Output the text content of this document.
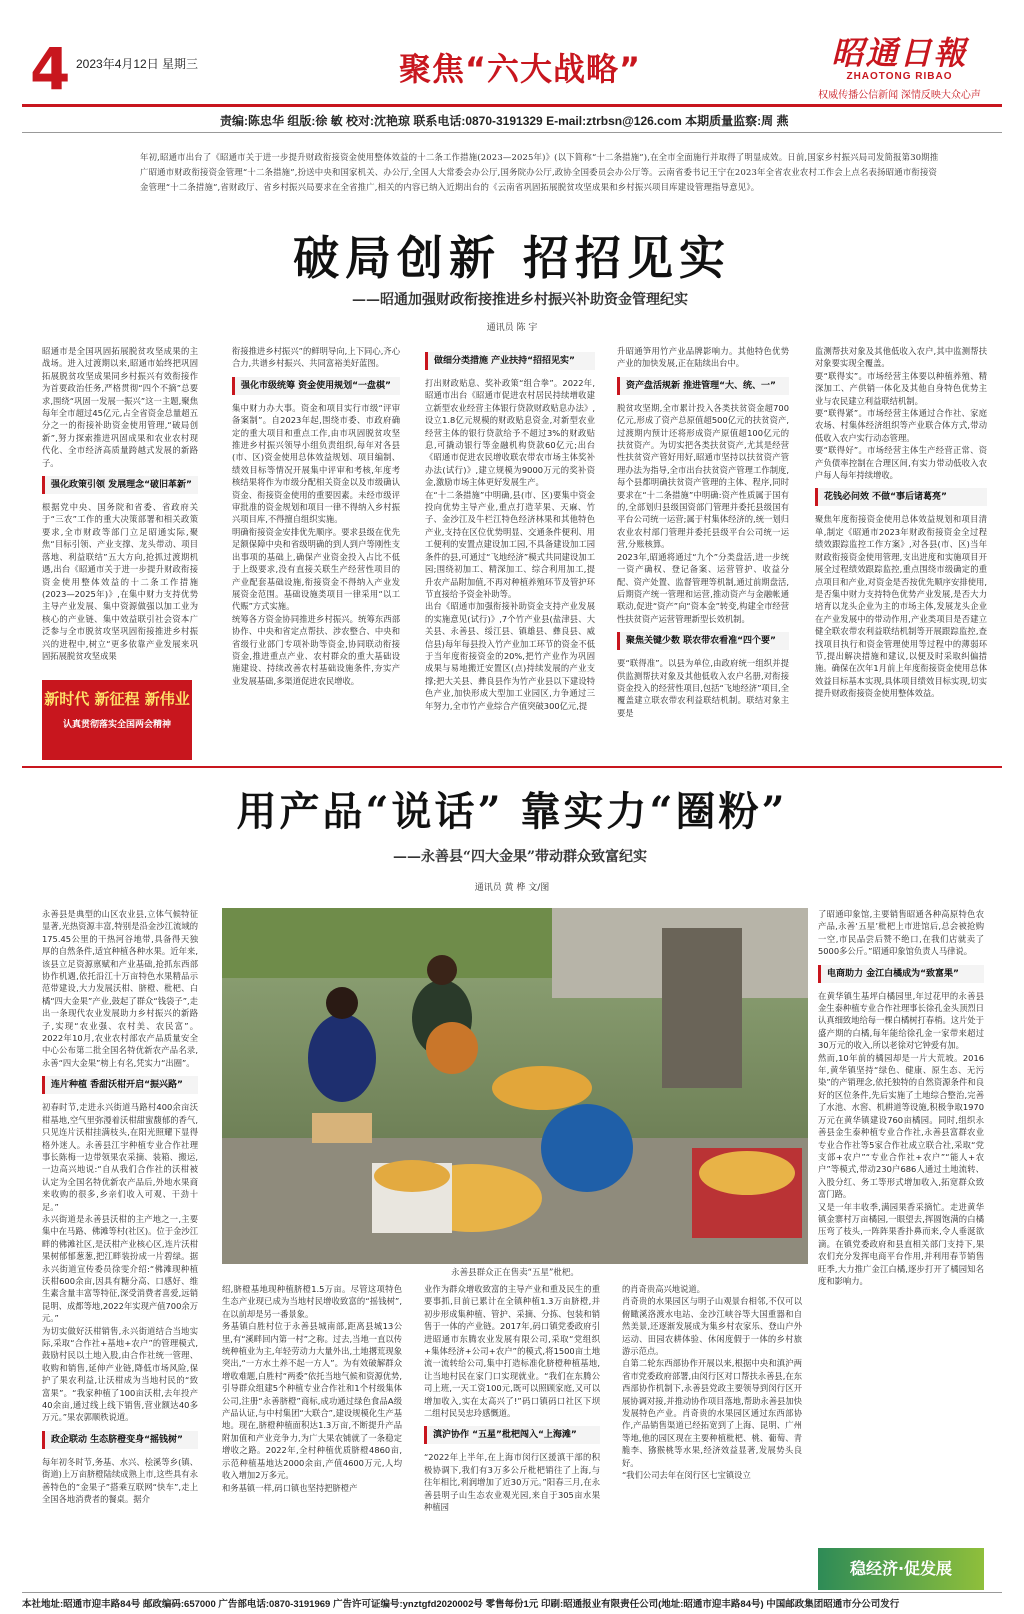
4 2023年4月12日 星期三	聚焦“六大战略”	昭通日報
ZHAOTONG RIBAO
权威传播公信新闻 深情反映大众心声
责编:陈忠华 组版:徐 敏 校对:沈艳琼 联系电话:0870-3191329 E-mail:ztrbsn@126.com 本期质量监察:周 燕
年初,昭通市出台了《昭通市关于进一步提升财政衔接资金使用整体效益的十二条工作措施(2023—2025年)》(以下简称“十二条措施”),在全市全面施行并取得了明显成效。日前,国家乡村振兴局司发简报第30期推广昭通市财政衔接资金管理“十二条措施”,扮送中央和国家机关、办公厅,全国人大常委会办公厅,国务院办公厅,政协全国委员会办公厅等。云南省委书记王宁在2023年全省农业农村工作会上点名表扬昭通市衔接资金管理“十二条措施”,省财政厅、省乡村振兴局要求在全省推广,相关的内容已纳入近期出台的《云南省巩固拓展脱贫攻坚成果和乡村振兴项目库建设管理指导意见》。
破局创新 招招见实
——昭通加强财政衔接推进乡村振兴补助资金管理纪实
通讯员 陈 宇

昭通市是全国巩固拓展脱贫攻坚成果的主战场。进入过渡期以来,昭通市始终把巩固拓展脱贫攻坚成果同乡村振兴有效衔接作为首要政治任务,严格贯彻“四个不摘”总要求,围绕“巩固一发展一振兴”这一主题,聚焦每年全市超过45亿元,占全省资金总量超五分之一的衔接补助资金使用管理,“破局创新”,努力探索推进巩固成果和农业农村现代化、全市经济高质量跨越式发展的新路子。

强化政策引领 发展理念“破旧革新”

根据党中央、国务院和省委、省政府关于“三农”工作的重大决策部署和相关政策要求,全市财政等部门立足昭通实际,聚焦“目标引领、产业支撑、龙头带动、项目落地、利益联结”五大方向,抢抓过渡期机遇,出台《昭通市关于进一步提升财政衔接资金使用整体效益的十二条工作措施(2023—2025年)》,在集中财力支持优势主导产业发展、集中资源做强以加工业为核心的产业链、集中效益联引社会资本广泛参与全市脱贫攻坚巩固衔接推进乡村振兴的进程中,树立“更多依靠产业发展来巩固拓展脱贫攻坚成果

新时代 新征程 新伟业
认真贯彻落实全国两会精神

衔接推进乡村振兴”的鲜明导向,上下同心,齐心合力,共谱乡村振兴、共同富裕美好蓝图。

强化市级统筹 资金使用规划“一盘棋”

集中财力办大事。资金和项目实行市级“评审备案制”。自2023年起,围绕市委、市政府确定的重大项目和重点工作,由市巩固脱贫攻坚推进乡村振兴领导小组负责组织,每年对各县(市、区)资金使用总体效益规划、项目编制、绩效目标等情况开展集中评审和考核,年度考核结果将作为市级分配相关资金以及市级确认资金、衔接资金使用的重要因素。未经市级评审批准的资金规划和项目一律不得纳入乡村振兴项目库,不得擅自组织实施。

明确衔接资金安排优先顺序。要求县级在优先足额保障中央和省级明确的到人到户等刚性支出事项的基础上,确保产业资金投入占比不低于上级要求,没有直接关联生产经营性项目的产业配套基础设施,衔接资金不得纳入产业发展资金范围。基础设施类项目一律采用“以工代赈”方式实施。

统筹各方资金协同推进乡村振兴。统筹东西部协作、中央和省定点帮扶、涉农整合、中央和省级行业部门专项补助等资金,协同联动衔接资金,推进重点产业、农村群众的重大基础设施建设、持续改善农村基础设施条件,夯实产业发展基础,多渠道促进农民增收。

做细分类措施 产业扶持“招招见实”

打出财政贴息、奖补政策“组合拳”。2022年,昭通市出台《昭通市促进农村居民持续增收建立新型农业经营主体银行贷款财政贴息办法》,设立1.8亿元规模的财政贴息资金,对新型农业经营主体的银行贷款给予不超过3%的财政贴息,可撬动银行等金融机构贷款60亿元;出台《昭通市促进农民增收联农带农市场主体奖补办法(试行)》,建立规模为9000万元的奖补资金,激励市场主体更好发展生产。

在“十二条措施”中明确,县(市、区)要集中资金投向优势主导产业,重点打造苹果、天麻、竹子、金沙江及牛栏江特色经济林果和其他特色产业,支持在区位优势明显、交通条件便利、用工便利的安置点建设加工园,不具备建设加工园条件的县,可通过“飞地经济”模式共同建设加工园;围绕初加工、精深加工、综合利用加工,提升农产品附加值,不再对种植养殖环节及管护环节直接给予资金补助等。

出台《昭通市加强衔接补助资金支持产业发展的实施意见(试行)》,7个竹产业县(盐津县、大关县、永善县、绥江县、镇雄县、彝良县、威信县)每年每县投入竹产业加工环节的资金不低于当年度衔接资金的20%,把竹产业作为巩固成果与易地搬迁安置区(点)持续发展的产业支撑;把大关县、彝良县作为竹产业县以下建设特色产业,加快形成大型加工业园区,力争通过三年努力,全市竹产业综合产值突破300亿元,提

升昭通笋用竹产业品牌影响力。其他特色优势产业的加快发展,正在陆续出台中。

资产盘活规新 推进管理“大、统、一”

脱贫攻坚期,全市累计投入各类扶贫资金超700亿元,形成了资产总原值超500亿元的扶贫资产,过渡期内预计还将形成资产原值超100亿元的扶贫资产。为切实把各类扶贫资产,尤其是经营性扶贫资产管好用好,昭通市坚持以扶贫资产管理办法为指导,全市出台扶贫资产管理工作制度,每个县都明确扶贫资产管理的主体、程序,同时要求在“十二条措施”中明确:资产性质属于国有的,全部划归县级国资部门管理并委托县级国有平台公司统一运营;属于村集体经济的,统一划归农业农村部门管理并委托县级平台公司统一运营,分账核算。

2023年,昭通将通过“九个”分类盘活,进一步统一资产确权、登记备案、运营管护、收益分配、资产处置、监督管理等机制,通过前期盘活,后期资产统一管理和运营,推动资产与金融帐通联动,促进“资产”向“资本金”转变,构建全市经营性扶贫资产运营管理新型长效机制。

聚焦关键少数 联农带农看准“四个要”

要“联得准”。以县为单位,由政府统一组织并提供监测帮扶对象及其他低收入农户名册,对衔接资金投入的经营性项目,包括“飞地经济”项目,全覆盖建立联农带农利益联结机制。联结对象主要是

监测帮扶对象及其他低收入农户,其中监测帮扶对象要实现全覆盖。

要“联得实”。市场经营主体要以种植养殖、精深加工、产供销一体化及其他自身特色优势主业与农民建立利益联结机制。

要“联得紧”。市场经营主体通过合作社、家庭农场、村集体经济组织等产业联合体方式,带动低收入农户实行动态管理。

要“联得好”。市场经营主体生产经营正常、资产负债率控制在合理区间,有实力带动低收入农户每人每年持续增收。

花钱必问效 不做“事后诸葛亮”

聚焦年度衔接资金使用总体效益规划和项目清单,制定《昭通市2023年财政衔接资金全过程绩效跟踪监控工作方案》,对各县(市、区)当年财政衔接资金使用管理,支出进度和实施项目开展全过程绩效跟踪监控,重点围绕市级确定的重点项目和产业,对资金是否按优先顺序安排使用,是否集中财力支持特色优势产业发展,是否大力培育以龙头企业为主的市场主体,发展龙头企业在产业发展中的带动作用,产业类项目是否建立健全联农带农利益联结机制等开展跟踪监控,查找项目执行和资金管理使用等过程中的薄弱环节,提出解决措施和建议,以便及时采取纠偏措施。确保在次年1月前上年度衔接资金使用总体效益目标基本实现,具体项目绩效目标实现,切实提升财政衔接资金使用整体效益。

用产品“说话” 靠实力“圈粉”
——永善县“四大金果”带动群众致富纪实
通讯员 黄 桦 文/图
永善县群众正在售卖“五星”枇杷。

永善县是典型的山区农业县,立体气候特征显著,光热资源丰富,特别是沿金沙江流域的175.45公里的干热河谷地带,具备得天独厚的自然条件,适宜种植各种水果。近年来,该县立足资源禀赋和产业基础,抢抓东西部协作机遇,依托沿江十万亩特色水果精品示范带建设,大力发展沃柑、脐橙、枇杷、白橘“四大金果”产业,鼓起了群众“钱袋子”,走出一条现代农业发展助力乡村振兴的新路子,实现“农业强、农村美、农民富”。2022年10月,农业农村部农产品质量安全中心公布第二批全国名特优新农产品名录,永善“四大金果”榜上有名,凭实力“出圈”。

连片种植 香甜沃柑开启“振兴路”

初春时节,走进永兴街道马路村400余亩沃柑基地,空气里弥漫着沃柑甜蜜馥郁的香气,只见连片沃柑挂满枝头,在阳光照耀下显得格外迷人。永善县江宇种植专业合作社理事长陈梅一边带领果农采摘、装箱、搬运,一边高兴地说:“自从我们合作社的沃柑被认定为全国名特优新农产品后,外地水果商来收购的很多,乡亲们收入可观、干劲十足。”

永兴街道是永善县沃柑的主产地之一,主要集中在马路、佛滩等村(社区)。位于金沙江畔的佛滩社区,是沃柑产业核心区,连片沃柑果树郁郁葱葱,把江畔装扮成一片碧绿。据永兴街道宣传委员徐雯介绍:“佛滩现种植沃柑600余亩,因具有糖分高、口感好、维生素含量丰富等特征,深受消费者喜爱,远销昆明、成都等地,2022年实现产值700余万元。”

为切实做好沃柑销售,永兴街道结合当地实际,采取“合作社+基地+农户”的管理模式,鼓励村民以土地入股,由合作社统一管理、收购和销售,延伸产业链,降低市场风险,保护了果农利益,让沃柑成为当地村民的“致富果”。“我家种植了100亩沃柑,去年投产40余亩,通过线上线下销售,营业额达40多万元。”果农郭顺秩说道。

政企联动 生态脐橙变身“摇钱树”

每年初冬时节,务基、水兴、桧溪等乡(镇、街道)上万亩脐橙陆续成熟上市,这些具有永善特色的“金果子”搭乘互联网“快车”,走上全国各地消费者的餐桌。据介

绍,脐橙基地现种植脐橙1.5万亩。尽管这项特色生态产业现已成为当地村民增收致富的“摇钱树”,在以前却是另一番景象。

务基镇白胜村位于永善县城南部,距离县城13公里,有“溪畔回内第一村”之称。过去,当地一直以传统种植业为主,年轻劳动力大量外出,土地撂荒现象突出,“一方水土养不起一方人”。为有效破解群众增收难题,白胜村“两委”依托当地气候和资源优势,引导群众组建5个种植专业合作社和1个村级集体公司,注册“永善脐橙”商标,成功通过绿色食品A级产品认证,与中村集团“大联合”,建设规模化生产基地。现在,脐橙种植面积达1.3万亩,不断提升产品附加值和产业竞争力,为广大果农铺就了一条稳定增收之路。2022年,全村种植优质脐橙4860亩,示范种植基地达2000余亩,产值4600万元,人均收入增加2万多元。

和务基镇一样,码口镇也坚持把脐橙产

业作为群众增收致富的主导产业和重及民生的重要事抓,目前已累计在全镇种植1.3万亩脐橙,并初步形成集种植、管护、采摘、分拣、包装和销售于一体的产业链。2017年,码口镇党委政府引进昭通市东腾农业发展有限公司,采取“党组织+集体经济+公司+农户”的模式,将1500亩土地流一流转给公司,集中打造标准化脐橙种植基地,让当地村民在家门口实现就业。“我们在东腾公司上班,一天工资100元,既可以照顾家庭,又可以增加收入,实在太高兴了!”码口镇码口社区下坝二组村民吴忠玲感慨道。

滇沪协作 “五星”枇杷闯入“上海滩”

“2022年上半年,在上海市闵行区援滇干部的积极协调下,我们有3万多公斤枇杷销往了上海,与往年相比,利润增加了近30万元。”阳春三月,在永善县明子山生态农业观光园,来自于305亩水果种植园

的肖奇贵高兴地说道。

肖奇贵的水果园区与明子山观景台相邻,不仅可以俯瞰溪洛渡水电站、金沙江峡谷等大国重器和自然美景,还逐渐发展成为集乡村农家乐、登山户外运动、田园农耕体验、休闲度假于一体的乡村旅游示范点。

自第二轮东西部协作开展以来,根据中央和滇沪两省市党委政府部署,由闵行区对口帮扶永善县,在东西部协作机制下,永善县党政主要领导到闵行区开展协调对接,并推动协作项目落地,帮助永善县加快发展特色产业。肖奇贵的水果园区通过东西部协作,产品销售渠道已经拓宽到了上海、昆明、广州等地,他的园区现在主要种植枇杷、桃、葡萄、青脆李、猕猴桃等水果,经济效益显著,发展势头良好。

“我们公司去年在闵行区七宝镇设立

了昭通印象馆,主要销售昭通各种高原特色农产品,永善‘五星’枇杷上市进馆后,总会被抢购一空,市民品尝后赞不绝口,在我们店就卖了5000多公斤。”昭通印象馆负责人马律说。

电商助力 金江白橘成为“致富果”

在黄华镇生基坪白橘园里,年过花甲的永善县金生泰种植专业合作社理事长徐孔金头顶烈日认真细致地给每一棵白橘树打春梢。这片处于盛产期的白橘,每年能给徐孔金一家带来超过30万元的收入,所以老徐对它钟爱有加。

然而,10年前的橘园却是一片大荒坡。2016年,黄华镇坚持“绿色、健康、原生态、无污染”的产销理念,依托独特的自然资源条件和良好的区位条件,先后实施了土地综合整治,完善了水池、水窖、机耕道等设施,积极争取1970万元在黄华镇建设760亩橘园。同时,组织永善县金生泰种植专业合作社,永善县富群农业专业合作社等5家合作社成立联合社,采取“党支部+农户”“专业合作社+农户”“能人+农户”等模式,带动230户686人通过土地流转、入股分红、务工等形式增加收入,拓宽群众致富门路。

又是一年丰收季,满园果香采摘忙。走进黄华镇金寨村万亩橘园,一眼望去,挥圆饱满的白橘压弯了枝头,一阵阵果香扑鼻而来,令人垂涎欲滴。在镇党委政府和县直相关部门支持下,果农们充分发挥电商平台作用,并利用春节销售旺季,大力推广金江白橘,逐步打开了橘园知名度和影响力。

稳经济·促发展
本社地址:昭通市迎丰路84号 邮政编码:657000 广告部电话:0870-3191969 广告许可证编号:ynztgfd2020002号 零售每份1元 印刷:昭通报业有限责任公司(地址:昭通市迎丰路84号) 中国邮政集团昭通市分公司发行
